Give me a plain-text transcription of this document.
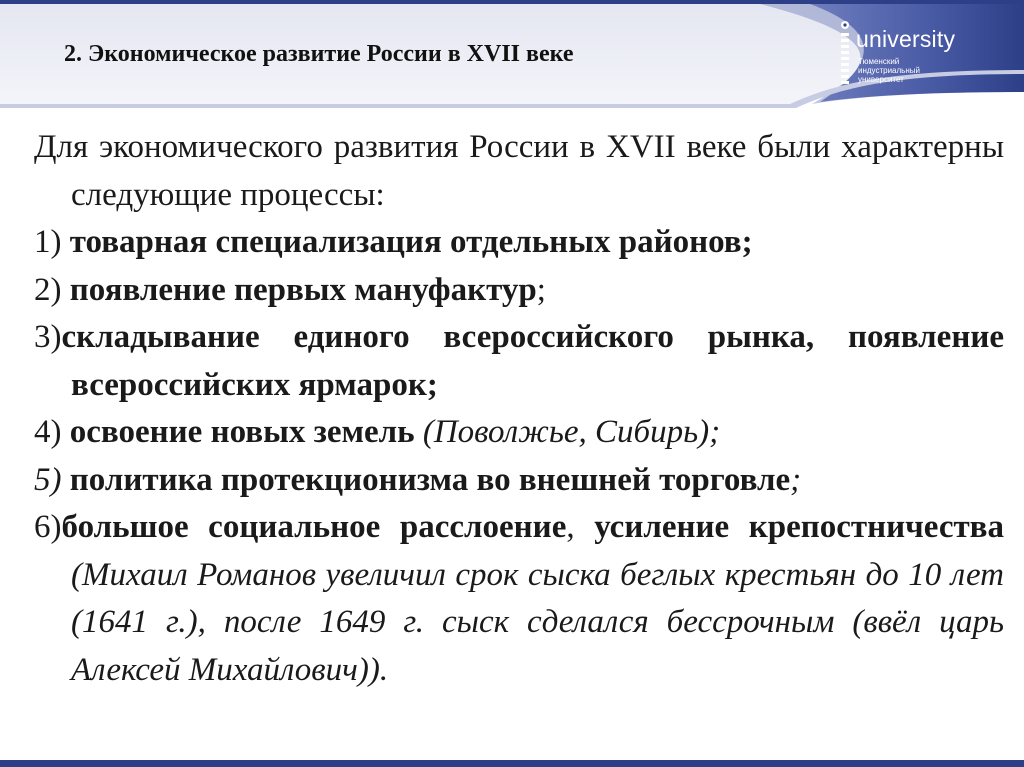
2. Экономическое развитие России в XVII веке
university
Тюменский
индустриальный
университет

Для экономического развития России в XVII веке были характерны следующие процессы:

1) товарная специализация отдельных районов;

2) появление первых мануфактур;

3)складывание единого всероссийского рынка, появление всероссийских ярмарок;

4) освоение новых земель (Поволжье, Сибирь);

5) политика протекционизма во внешней торговле;

6)большое социальное расслоение, усиление крепостничества (Михаил Романов увеличил срок сыска беглых крестьян до 10 лет (1641 г.), после 1649 г. сыск сделался бессрочным (ввёл царь Алексей Михайлович)).
